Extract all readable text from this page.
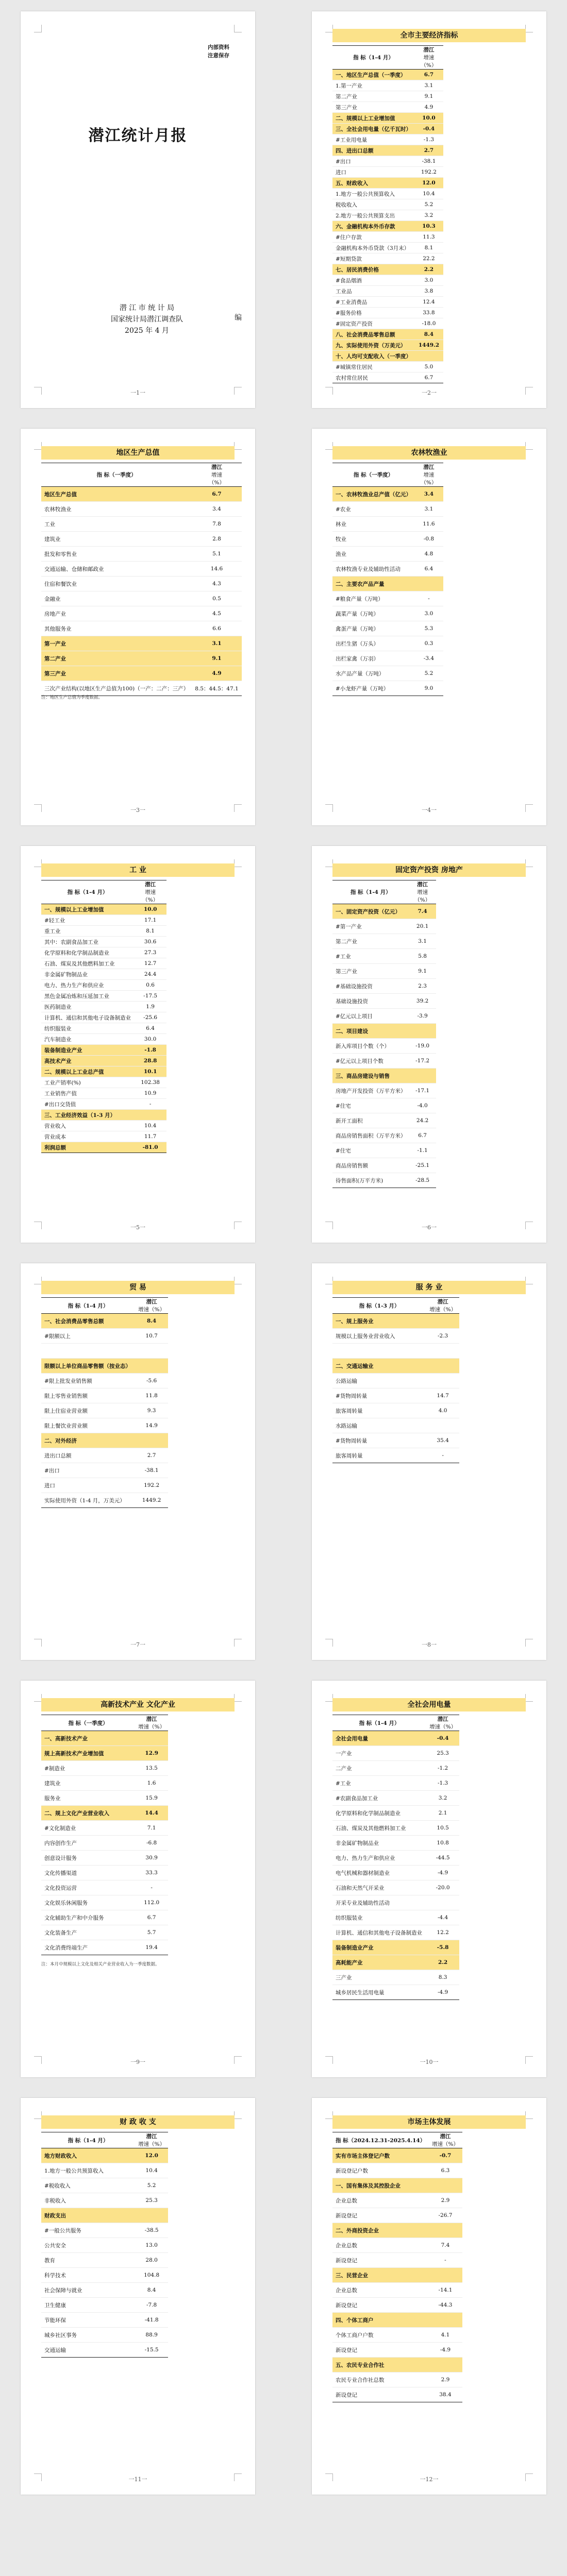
内部资料
注意保存
潜江统计月报
潜 江 市 统 计 局
国家统计局潜江调查队
2025 年 4 月
编
一1一
全市主要经济指标
指 标（1-4 月）	潜江
增速
（%）

一、地区生产总值（一季度）	6.7
1.第一产业	3.1
第二产业	9.1
第三产业	4.9
二、规模以上工业增加值	10.0
三、全社会用电量（亿千瓦时）	-0.4
#工业用电量	-1.3
四、进出口总额	2.7
#出口	-38.1
进口	192.2
五、财政收入	12.0
1.地方一般公共预算收入	10.4
税收收入	5.2
2.地方一般公共预算支出	3.2
六、金融机构本外币存款	10.3
#住户存款	11.3
金融机构本外币贷款（3月末）	8.1
#短期贷款	22.2
七、居民消费价格	2.2
#食品烟酒	3.0
工业品	3.8
#工业消费品	12.4
#服务价格	33.8
#固定资产投资	-18.0
八、社会消费品零售总额	8.4
九、实际使用外资（万美元）	1449.2
十、人均可支配收入（一季度）	
#城镇常住居民	5.0
农村常住居民	6.7
一2一
地区生产总值
指 标（一季度）	潜江
增速
（%）

地区生产总值	6.7
农林牧渔业	3.4
工业	7.8
建筑业	2.8
批发和零售业	5.1
交通运输、仓储和邮政业	14.6
住宿和餐饮业	4.3
金融业	0.5
房地产业	4.5
其他服务业	6.6
第一产业	3.1
第二产业	9.1
第三产业	4.9
三次产业结构(以地区生产总值为100)（一产：二产：三产）	8.5：44.5：47.1
注：地区生产总值为季度数据。
一3一
农林牧渔业
指 标（一季度）	潜江
增速
（%）

一、农林牧渔业总产值（亿元）	3.4
#农业	3.1
林业	11.6
牧业	-0.8
渔业	4.8
农林牧渔专业及辅助性活动	6.4
二、主要农产品产量	
#粮食产量（万吨）	-
蔬菜产量（万吨）	3.0
禽蛋产量（万吨）	5.3
出栏生猪（万头）	0.3
出栏家禽（万羽）	-3.4
水产品产量（万吨）	5.2
#小龙虾产量（万吨）	9.0
一4一
工 业
指 标（1-4 月）	潜江
增速
（%）

一、规模以上工业增加值	10.0
#轻工业	17.1
重工业	8.1
其中：农副食品加工业	30.6
化学原料和化学制品制造业	27.3
石油、煤炭及其他燃料加工业	12.7
非金属矿物制品业	24.4
电力、热力生产和供应业	0.6
黑色金属冶炼和压延加工业	-17.5
医药制造业	1.9
计算机、通信和其他电子设备制造业	-25.6
纺织服装业	6.4
汽车制造业	30.0
装备制造业产业	-1.8
高技术产业	28.8
二、规模以上工业总产值	10.1
工业产销率(%)	102.38
工业销售产值	10.9
#出口交货值	-
三、工业经济效益（1-3 月）	
营业收入	10.4
营业成本	11.7
利润总额	-81.0
一5一
固定资产投资 房地产
指 标（1-4 月）	潜江
增速
（%）

一、固定资产投资（亿元）	7.4
#第一产业	20.1
第二产业	3.1
#工业	5.8
第三产业	9.1
#基础设施投资	2.3
基础设施投资	39.2
#亿元以上项目	-3.9
二、项目建设	
新入库项目个数（个）	-19.0
#亿元以上项目个数	-17.2
三、商品房建设与销售	
房地产开发投资（万平方米）	-17.1
#住宅	-4.0
新开工面积	24.2
商品房销售面积（万平方米）	6.7
#住宅	-1.1
商品房销售额	-25.1
待售面积(万平方米)	-28.5
一6一
贸 易
指 标（1-4 月）	潜江
增速（%）

一、社会消费品零售总额	8.4
#限额以上	10.7

限额以上单位商品零售额（按业态）	
#限上批发业销售额	-5.6
限上零售业销售额	11.8
限上住宿业营业额	9.3
限上餐饮业营业额	14.9
二、对外经济	
进出口总额	2.7
#出口	-38.1
进口	192.2
实际使用外资（1-4 月，万美元）	1449.2
一7一
服 务 业
指 标（1-3 月）	潜江
增速（%）

一、规上服务业	
规模以上服务业营业收入	-2.3

二、交通运输业	
公路运输	
#货物周转量	14.7
旅客周转量	4.0
水路运输	
#货物周转量	35.4
旅客周转量	-
一8一
高新技术产业 文化产业
指 标（一季度）	潜江
增速（%）

一、高新技术产业	
规上高新技术产业增加值	12.9
#制造业	13.5
建筑业	1.6
服务业	15.9
二、规上文化产业营业收入	14.4
#文化制造业	7.1
内容创作生产	-6.8
创意设计服务	30.9
文化传播渠道	33.3
文化投资运营	-
文化娱乐休闲服务	112.0
文化辅助生产和中介服务	6.7
文化装备生产	5.7
文化消费终端生产	19.4
注：本月中规模以上文化及相关产业营业收入为一季度数据。
一9一
全社会用电量
指 标（1-4 月）	潜江
增速（%）

全社会用电量	-0.4
一产业	25.3
二产业	-1.2
#工业	-1.3
#农副食品加工业	3.2
化学原料和化学制品制造业	2.1
石油、煤炭及其他燃料加工业	10.5
非金属矿物制品业	10.8
电力、热力生产和供应业	-44.5
电气机械和器材制造业	-4.9
石油和天然气开采业	-20.0
开采专业及辅助性活动	
纺织服装业	-4.4
计算机、通信和其他电子设备制造业	12.2
装备制造业产业	-5.8
高耗能产业	2.2
三产业	8.3
城乡居民生活用电量	-4.9
一10一
财 政 收 支
指 标（1-4 月）	潜江
增速（%）

地方财政收入	12.0
1.地方一般公共预算收入	10.4
#税收收入	5.2
非税收入	25.3
财政支出	
#一般公共服务	-38.5
公共安全	13.0
教育	28.0
科学技术	104.8
社会保障与就业	8.4
卫生健康	-7.8
节能环保	-41.8
城乡社区事务	88.9
交通运输	-15.5
一11一
市场主体发展
指 标（2024.12.31-2025.4.14）	潜江
增速（%）

实有市场主体登记户数	-0.7
新设登记户数	6.3
一、国有集体及其控股企业	
企业总数	2.9
新设登记	-26.7
二、外商投资企业	
企业总数	7.4
新设登记	-
三、民营企业	
企业总数	-14.1
新设登记	-44.3
四、个体工商户	
个体工商户户数	4.1
新设登记	-4.9
五、农民专业合作社	
农民专业合作社总数	2.9
新设登记	38.4
一12一
